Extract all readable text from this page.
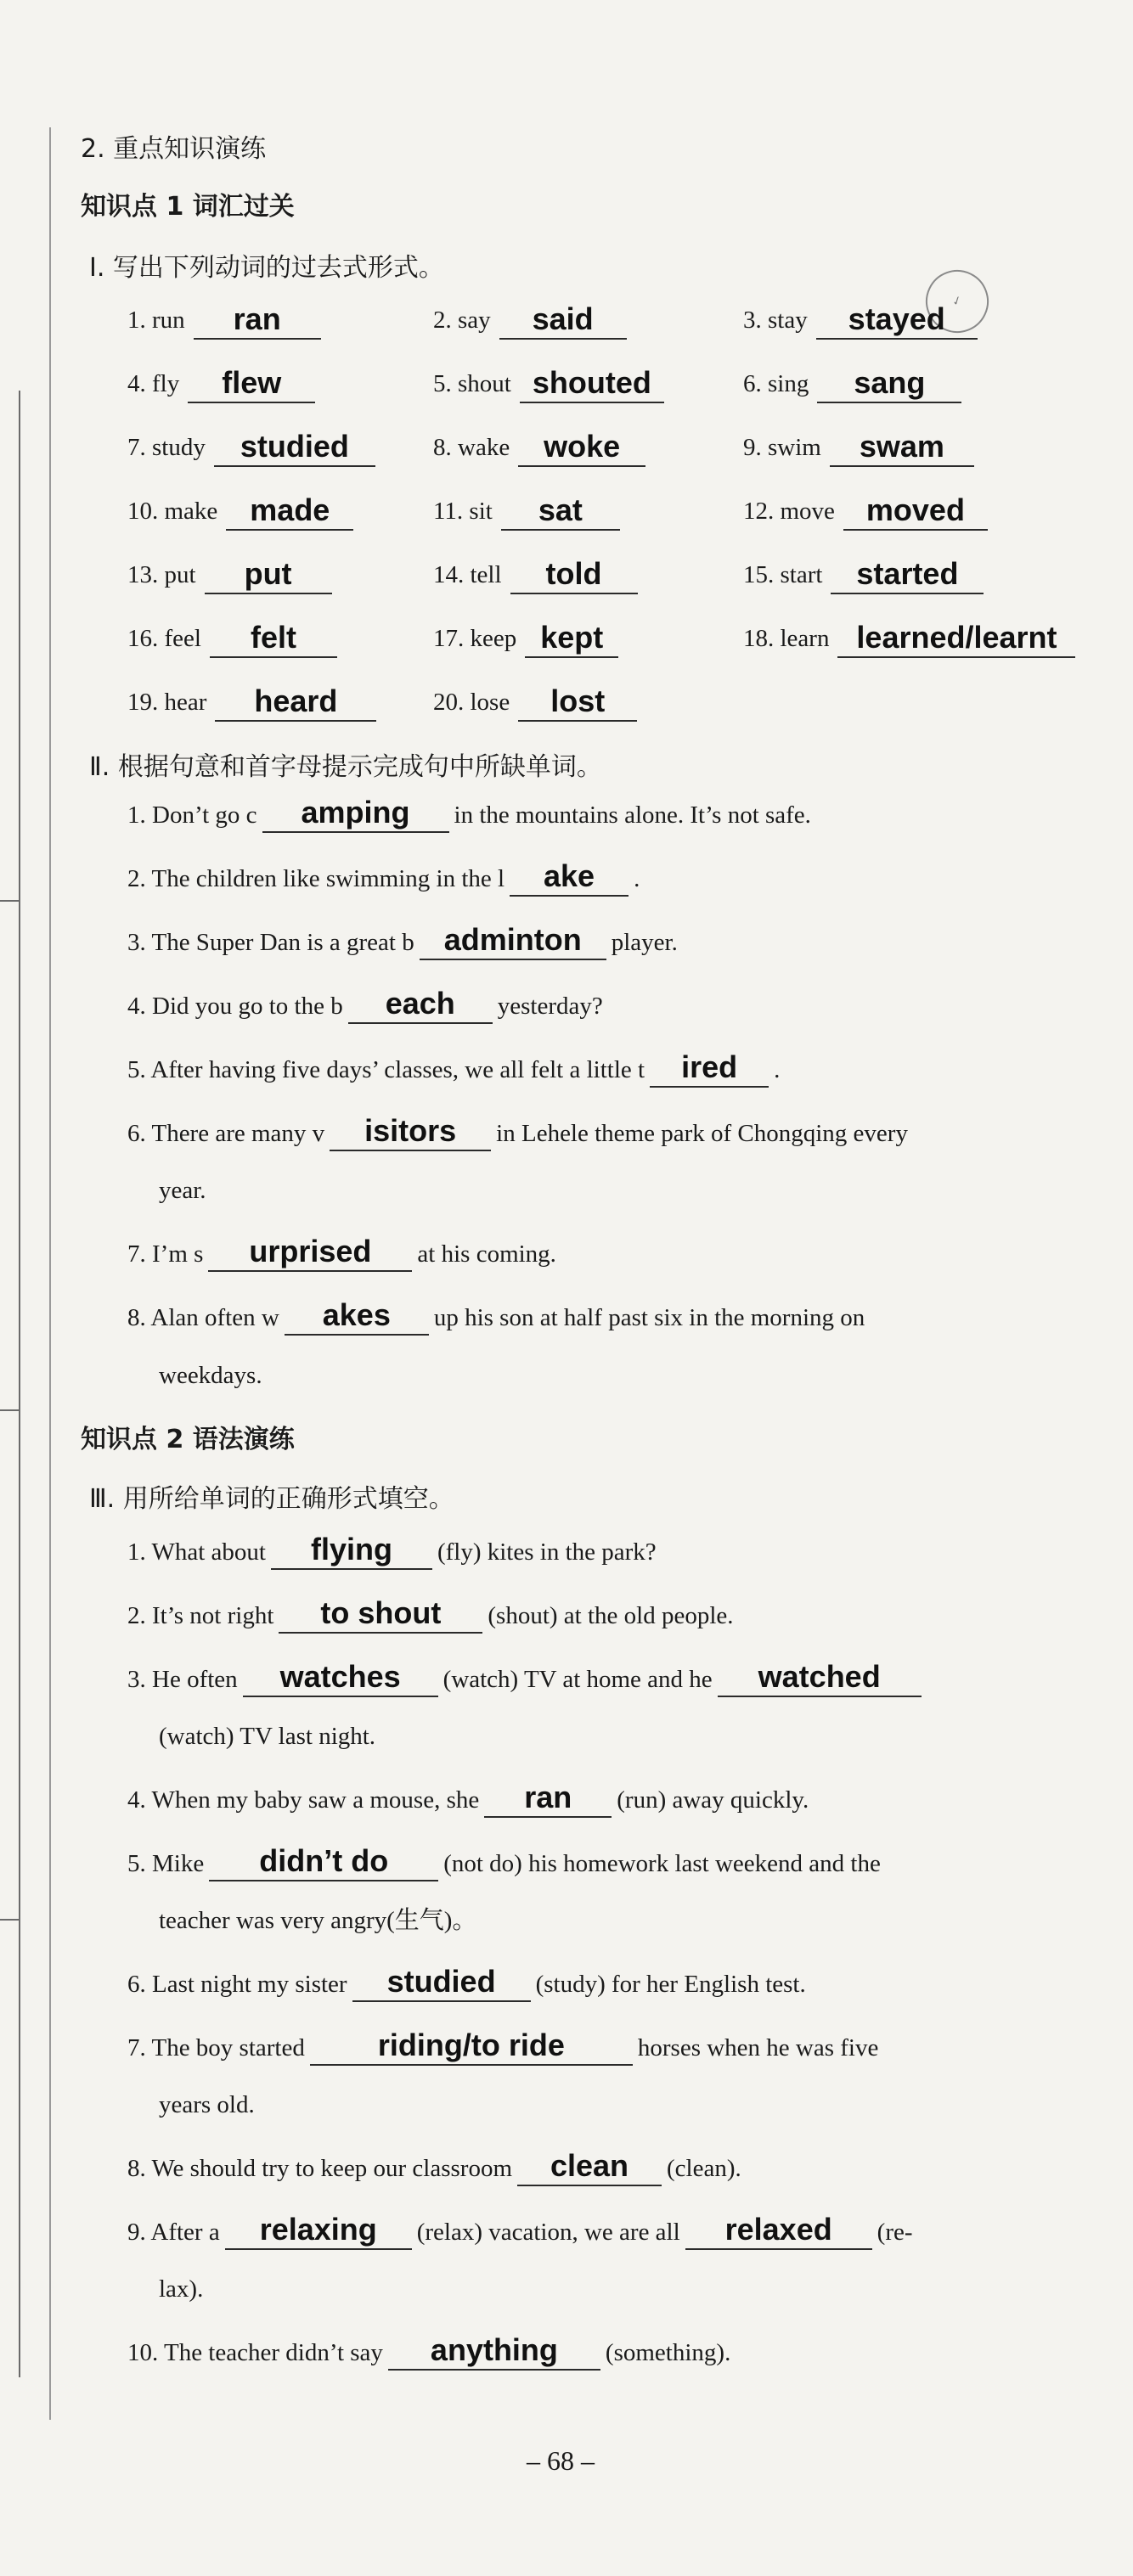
✓
2. 重点知识演练
知识点 1 词汇过关
Ⅰ. 写出下列动词的过去式形式。
1. run	ran	2. say	said	3. stay	stayed
4. fly	flew	5. shout shouted	6. sing	sang
7. study	studied	8. wake	woke	9. swim	swam
10. make	made	11. sit	sat	12. move	moved
13. put	put	14. tell	told	15. start	started
16. feel	felt	17. keep kept	18. learn learned/learnt
19. hear	heard	20. lose	lost
Ⅱ. 根据句意和首字母提示完成句中所缺单词。
1. Don’t go c amping in the mountains alone. It’s not safe.
2. The children like swimming in the l ake .
3. The Super Dan is a great b adminton player.
4. Did you go to the b each yesterday?
5. After having five days’ classes, we all felt a little t ired .
6. There are many v isitors in Lehele theme park of Chongqing every
year.
7. I’m s urprised at his coming.
8. Alan often w akes up his son at half past six in the morning on
weekdays.
知识点 2 语法演练
Ⅲ. 用所给单词的正确形式填空。
1. What about flying (fly) kites in the park?
2. It’s not right to shout (shout) at the old people.
3. He often watches (watch) TV at home and he watched
(watch) TV last night.
4. When my baby saw a mouse, she ran (run) away quickly.
5. Mike didn’t do (not do) his homework last weekend and the
teacher was very angry(生气)。
6. Last night my sister studied (study) for her English test.
7. The boy started riding/to ride	horses when he was five
years old.
8. We should try to keep our classroom clean (clean).
9. After a relaxing (relax) vacation, we are all relaxed (re-
lax).
10. The teacher didn’t say anything (something).
– 68 –
